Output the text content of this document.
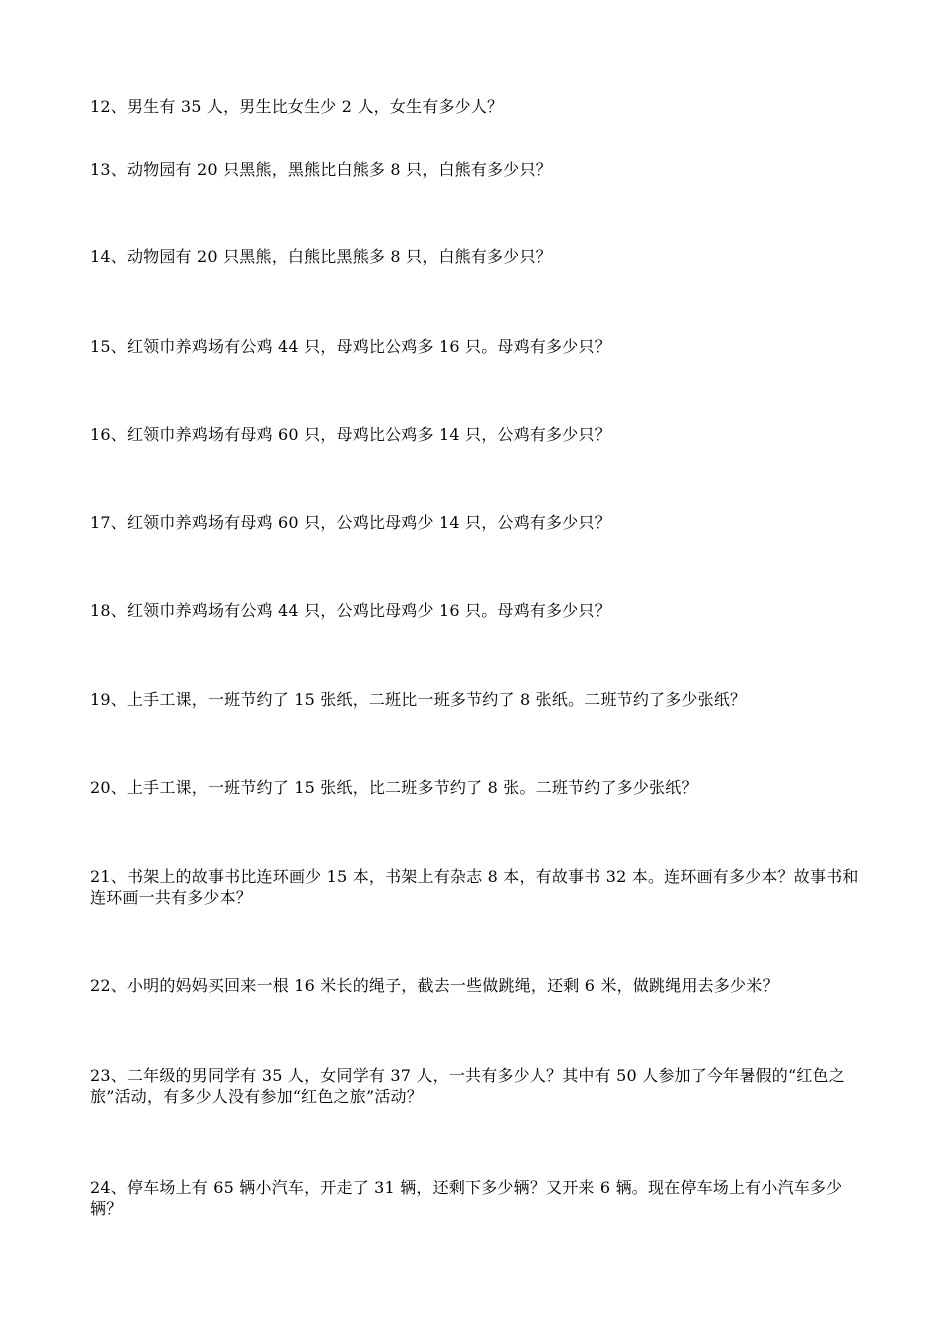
12、男生有 35 人，男生比女生少 2 人，女生有多少人？
13、动物园有 20 只黑熊，黑熊比白熊多 8 只，白熊有多少只？
14、动物园有 20 只黑熊，白熊比黑熊多 8 只，白熊有多少只？
15、红领巾养鸡场有公鸡 44 只，母鸡比公鸡多 16 只。母鸡有多少只？
16、红领巾养鸡场有母鸡 60 只，母鸡比公鸡多 14 只，公鸡有多少只？
17、红领巾养鸡场有母鸡 60 只，公鸡比母鸡少 14 只，公鸡有多少只？
18、红领巾养鸡场有公鸡 44 只，公鸡比母鸡少 16 只。母鸡有多少只？
19、上手工课，一班节约了 15 张纸，二班比一班多节约了 8 张纸。二班节约了多少张纸？
20、上手工课，一班节约了 15 张纸，比二班多节约了 8 张。二班节约了多少张纸？
21、书架上的故事书比连环画少 15 本，书架上有杂志 8 本，有故事书 32 本。连环画有多少本？故事书和连环画一共有多少本？
22、小明的妈妈买回来一根 16 米长的绳子，截去一些做跳绳，还剩 6 米，做跳绳用去多少米？
23、二年级的男同学有 35 人，女同学有 37 人，一共有多少人？其中有 50 人参加了今年暑假的“红色之旅”活动，有多少人没有参加“红色之旅”活动？
24、停车场上有 65 辆小汽车，开走了 31 辆，还剩下多少辆？又开来 6 辆。现在停车场上有小汽车多少辆？
